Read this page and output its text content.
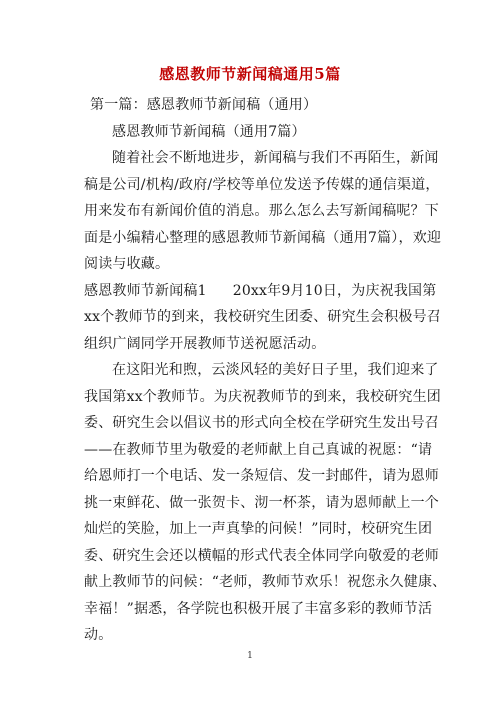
感恩教师节新闻稿通用5篇
第一篇：感恩教师节新闻稿（通用）
感恩教师节新闻稿（通用7篇）
随着社会不断地进步，新闻稿与我们不再陌生，新闻
稿是公司/机构/政府/学校等单位发送予传媒的通信渠道，
用来发布有新闻价值的消息。那么怎么去写新闻稿呢？下
面是小编精心整理的感恩教师节新闻稿（通用7篇），欢迎
阅读与收藏。
感恩教师节新闻稿1 20xx年9月10日，为庆祝我国第
xx个教师节的到来，我校研究生团委、研究生会积极号召
组织广阔同学开展教师节送祝愿活动。
在这阳光和煦，云淡风轻的美好日子里，我们迎来了
我国第xx个教师节。为庆祝教师节的到来，我校研究生团
委、研究生会以倡议书的形式向全校在学研究生发出号召
——在教师节里为敬爱的老师献上自己真诚的祝愿：“请
给恩师打一个电话、发一条短信、发一封邮件，请为恩师
挑一束鲜花、做一张贺卡、沏一杯茶，请为恩师献上一个
灿烂的笑脸，加上一声真挚的问候！”同时，校研究生团
委、研究生会还以横幅的形式代表全体同学向敬爱的老师
献上教师节的问候：“老师，教师节欢乐！祝您永久健康、
幸福！”据悉，各学院也积极开展了丰富多彩的教师节活
动。
1
